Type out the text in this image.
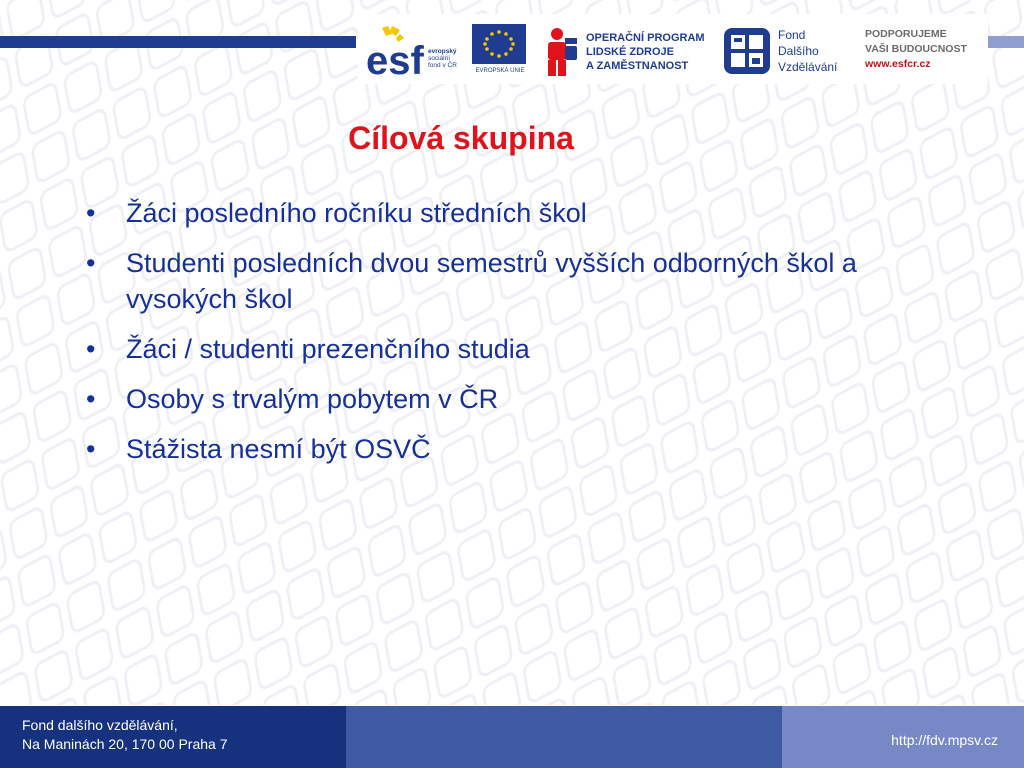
esf evropský
sociální
fond v ČR
EVROPSKÁ UNIE
OPERAČNÍ PROGRAM
LIDSKÉ ZDROJE
A ZAMĚSTNANOST
Fond
Dalšího
Vzdělávání
PODPORUJEME
VAŠI BUDOUCNOST
www.esfcr.cz
Cílová skupina
•	Žáci posledního ročníku středních škol
•	Studenti posledních dvou semestrů vyšších odborných škol a vysokých škol
•	Žáci / studenti prezenčního studia
•	Osoby s trvalým pobytem v ČR
•	Stážista nesmí být OSVČ
Fond dalšího vzdělávání,
Na Maninách 20, 170 00 Praha 7	http://fdv.mpsv.cz
